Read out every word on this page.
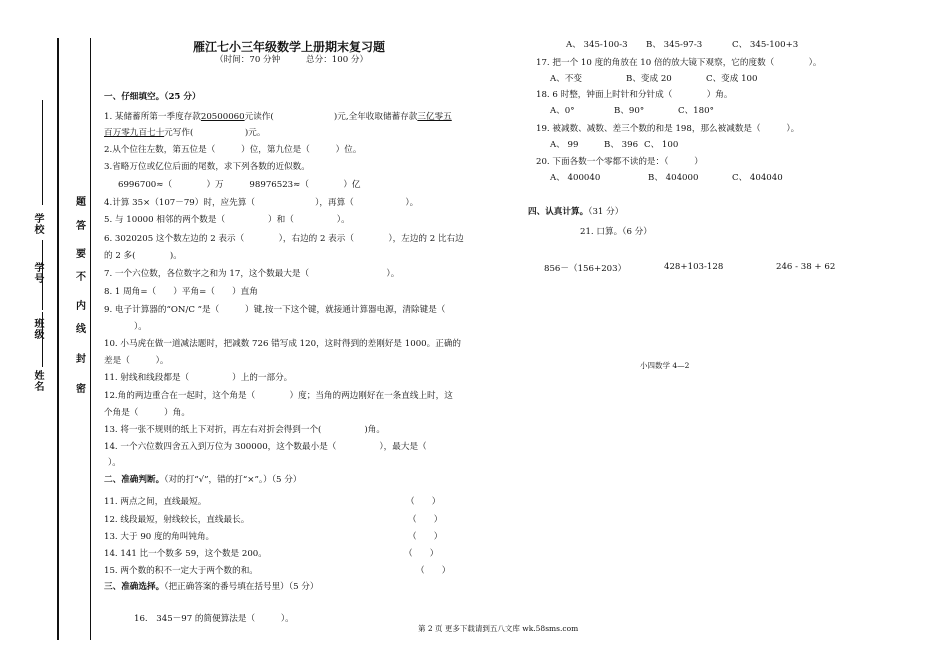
姓名
班级
学号
学校
密
封
线
内
不
要
答
题
雁江七小三年级数学上册期末复习题
（时间：70 分钟　　　总分：100 分）
一、仔细填空。（25 分）
1. 某储蓄所第一季度存款20500060元读作(　　　　　　　)元,全年收取储蓄存款三亿零五
百万零九百七十元写作(　　　　　　)元。
2.从个位往左数，第五位是（　　　）位，第九位是（　　　）位。
3.省略万位或亿位后面的尾数，求下列各数的近似数。
6996700≈（　　　　）万　　　98976523≈（　　　　）亿
4.计算 35×（107－79）时，应先算（　　　　　　　），再算（　　　　　　）。
5. 与 10000 相邻的两个数是（　　　　　）和（　　　　　）。
6. 3020205 这个数左边的 2 表示（　　　　），右边的 2 表示（　　　　），左边的 2 比右边
的 2 多(　　　　)。
7. 一个六位数，各位数字之和为 17，这个数最大是（　　　　　　　　　）。
8. 1 周角=（　　）平角=（　　）直角
9. 电子计算器的“ON/C ”是（　　　）键,按一下这个键，就接通计算器电源，清除键是（
）。
10. 小马虎在做一道减法题时，把减数 726 错写成 120，这时得到的差刚好是 1000。正确的
差是（　　　）。
11. 射线和线段都是（　　　　　）上的一部分。
12.角的两边重合在一起时，这个角是（　　　　）度；当角的两边刚好在一条直线上时，这
个角是（　　　）角。
13. 将一张不规则的纸上下对折，再左右对折会得到一个(　　　　　)角。
14. 一个六位数四舍五入到万位为 300000，这个数最小是（　　　　　），最大是（
）。
二、准确判断。（对的打“√”，错的打“×”。）（5 分）
11. 两点之间，直线最短。	（　　）
12. 线段最短，射线较长，直线最长。	（　　）
13. 大于 90 度的角叫钝角。	（　　）
14. 141 比一个数多 59，这个数是 200。	（　　）
15. 两个数的积不一定大于两个数的和。	（　　）
三、准确选择。（把正确答案的番号填在括号里）（5 分）
16.　345－97 的简便算法是（　　　）。
A、 345-100-3 B、 345-97-3	C、 345-100+3
17. 把一个 10 度的角放在 10 倍的放大镜下观察，它的度数（　　　　）。
A、不变	B、变成 20	C、变成 100
18. 6 时整，钟面上时针和分针成（　　　　）角。
A、0°	B、90°	C、180°
19. 被减数、减数、差三个数的和是 198，那么被减数是（　　　）。
A、 99	B、 396 C、 100
20. 下面各数一个零都不读的是：（　　　）
A、 400040	B、 404000	C、 404040
四、认真计算。（31 分）
21. 口算。（6 分）
856－（156+203）	428+103-128	246 - 38 + 62
小四数学 4—2
第 2 页 更多下载请到五八文库 wk.58sms.com
